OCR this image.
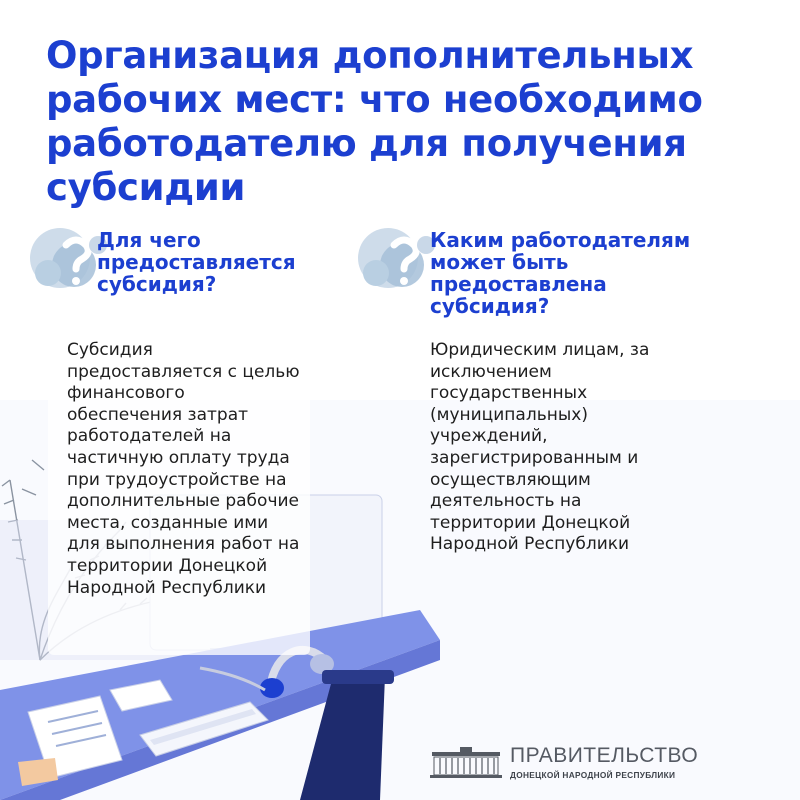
Организация дополнительных рабочих мест: что необходимо работодателю для получения субсидии
Для чего предоставляется субсидия?

Субсидия предоставляется с целью финансового обеспечения затрат работодателей на частичную оплату труда при трудоустройстве на дополнительные рабочие места, созданные ими для выполнения работ на территории Донецкой Народной Республики

Каким работодателям может быть предоставлена субсидия?

Юридическим лицам, за исключением государственных (муниципальных) учреждений, зарегистрированным и осуществляющим деятельность на территории Донецкой Народной Республики

ПРАВИТЕЛЬСТВО
ДОНЕЦКОЙ НАРОДНОЙ РЕСПУБЛИКИ
